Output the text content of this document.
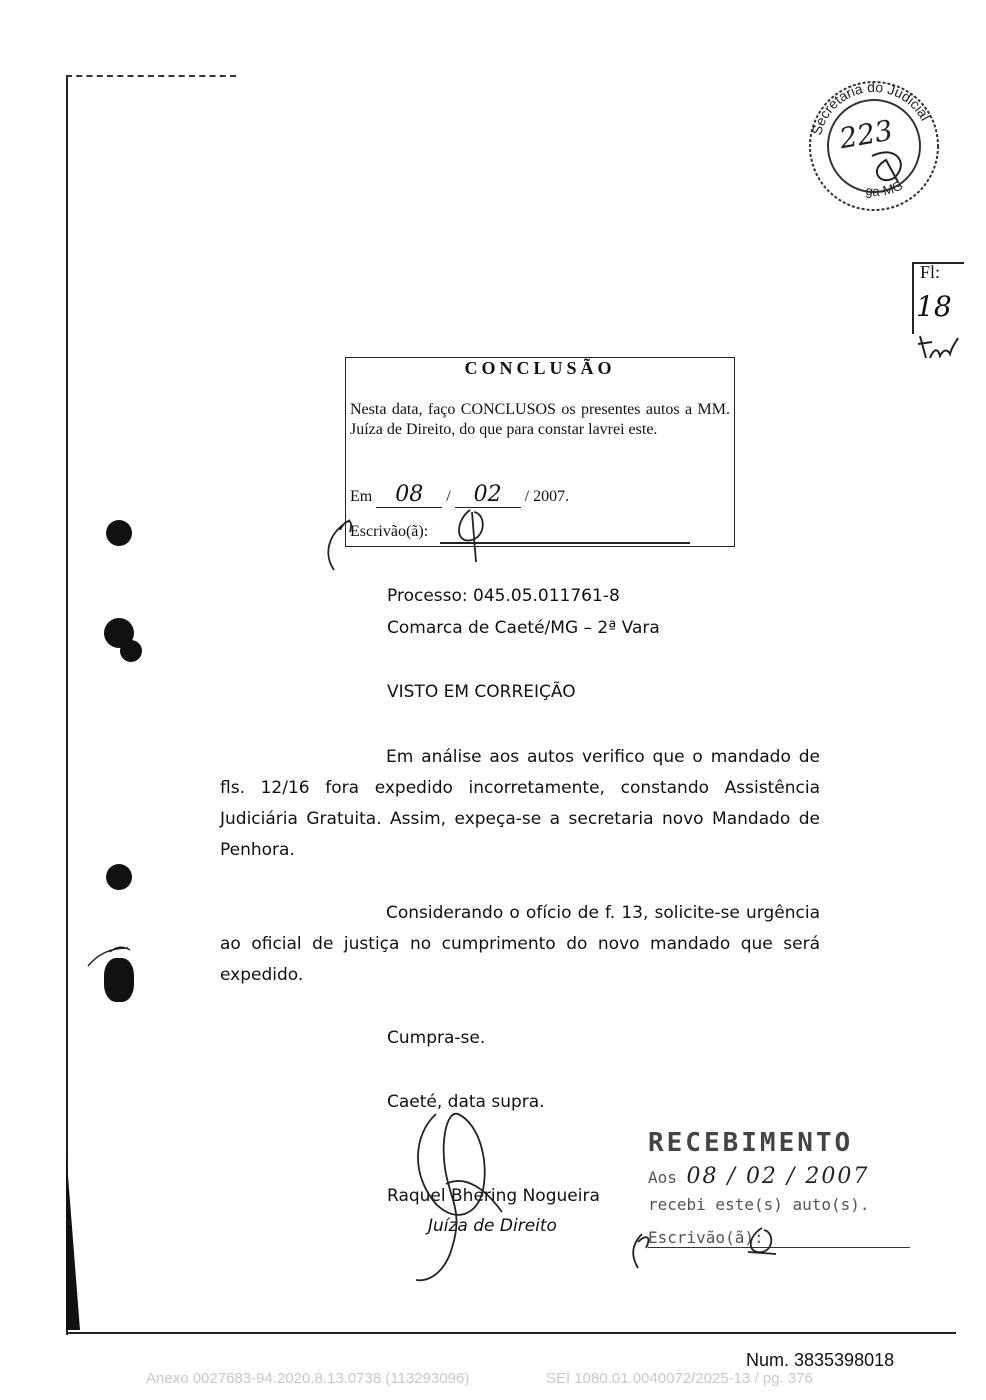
Secretaria do Judicial
ga-MG
223
Fl:
18
CONCLUSÃO
Nesta data, faço CONCLUSOS os presentes autos a MM. Juíza de Direito, do que para constar lavrei este.
Em 08 / 02 / 2007.
Escrivão(ã):
Processo: 045.05.011761-8
Comarca de Caeté/MG – 2ª Vara
VISTO EM CORREIÇÃO
Em análise aos autos verifico que o mandado de fls. 12/16 fora expedido incorretamente, constando Assistência Judiciária Gratuita. Assim, expeça-se a secretaria novo Mandado de Penhora.
Considerando o ofício de f. 13, solicite-se urgência ao oficial de justiça no cumprimento do novo mandado que será expedido.
Cumpra-se.
Caeté, data supra.
Raquel Bhering Nogueira
Juíza de Direito
RECEBIMENTO
Aos 08 / 02 / 2007
recebi este(s) auto(s).
Escrivão(ã):
Num. 3835398018
Anexo 0027683-94.2020.8.13.0738 (113293096)	SEI 1080.01.0040072/2025-13 / pg. 376
